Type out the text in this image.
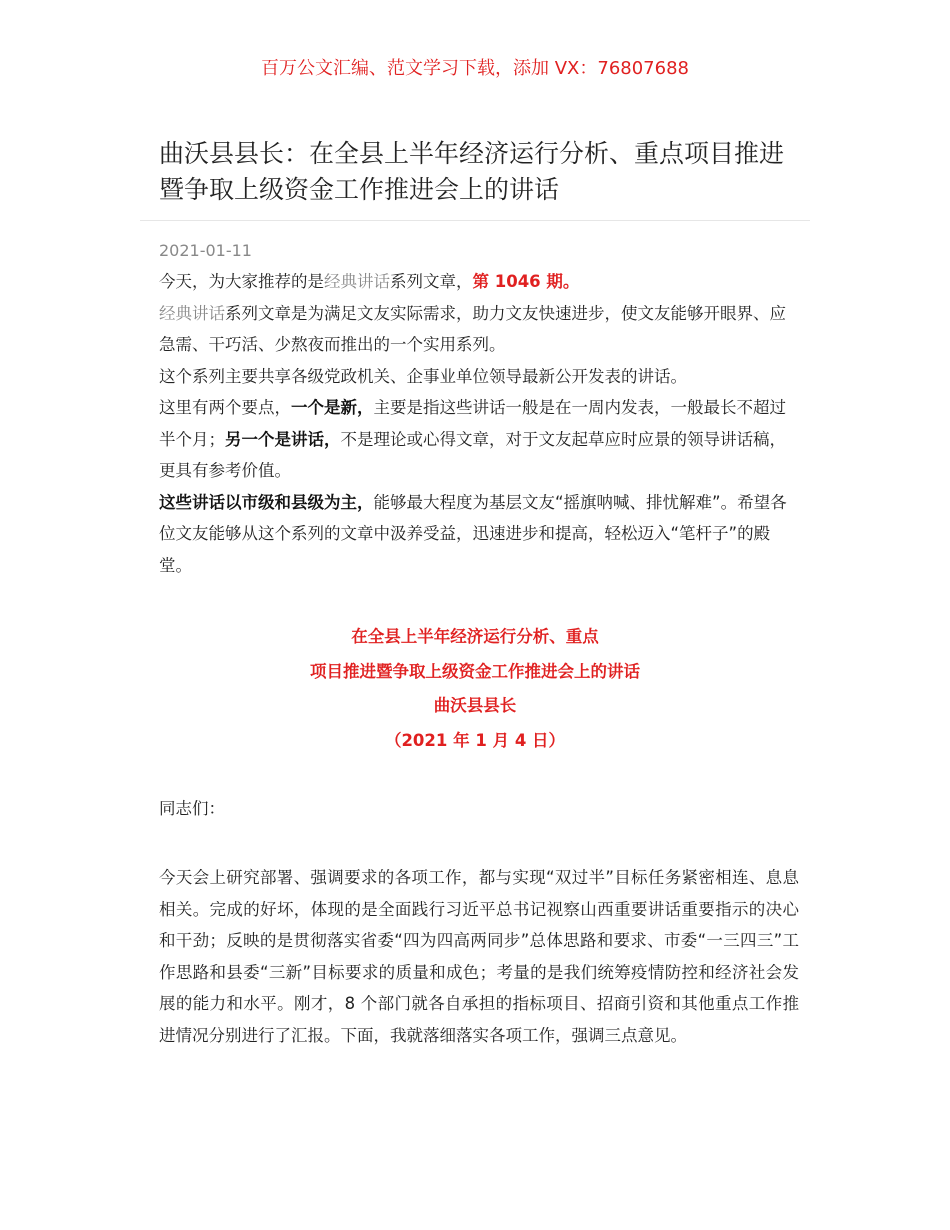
百万公文汇编、范文学习下载，添加 VX：76807688
曲沃县县长：在全县上半年经济运行分析、重点项目推进暨争取上级资金工作推进会上的讲话
2021-01-11

今天，为大家推荐的是经典讲话系列文章，第 1046 期。

经典讲话系列文章是为满足文友实际需求，助力文友快速进步，使文友能够开眼界、应急需、干巧活、少熬夜而推出的一个实用系列。

这个系列主要共享各级党政机关、企事业单位领导最新公开发表的讲话。

这里有两个要点，一个是新，主要是指这些讲话一般是在一周内发表，一般最长不超过半个月；另一个是讲话，不是理论或心得文章，对于文友起草应时应景的领导讲话稿，更具有参考价值。

这些讲话以市级和县级为主，能够最大程度为基层文友“摇旗呐喊、排忧解难”。希望各位文友能够从这个系列的文章中汲养受益，迅速进步和提高，轻松迈入“笔杆子”的殿堂。

在全县上半年经济运行分析、重点
项目推进暨争取上级资金工作推进会上的讲话
曲沃县县长
（2021 年 1 月 4 日）
同志们：

今天会上研究部署、强调要求的各项工作，都与实现“双过半”目标任务紧密相连、息息相关。完成的好坏，体现的是全面践行习近平总书记视察山西重要讲话重要指示的决心和干劲；反映的是贯彻落实省委“四为四高两同步”总体思路和要求、市委“一三四三”工作思路和县委“三新”目标要求的质量和成色；考量的是我们统筹疫情防控和经济社会发展的能力和水平。刚才，8 个部门就各自承担的指标项目、招商引资和其他重点工作推进情况分别进行了汇报。下面，我就落细落实各项工作，强调三点意见。
